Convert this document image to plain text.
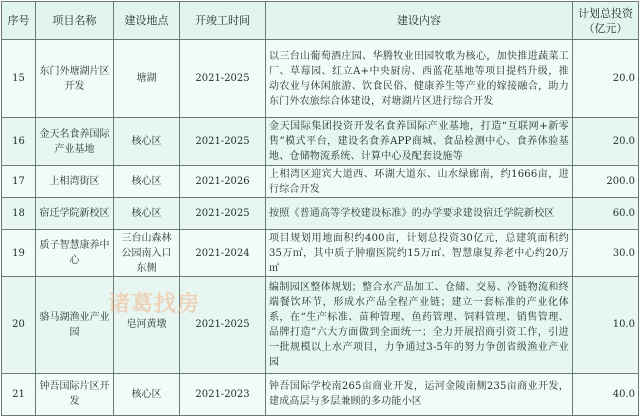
序号	项目名称	建设地点	开竣工时间	建设内容	计划总投资（亿元）
15	东门外塘湖片区开发	塘湖	2021-2025	以三台山葡萄酒庄园、华腾牧业田园牧歌为核心，加快推进蔬菜工厂、草莓园、红立A+中央厨房、西蓝花基地等项目提档升级，推动农业与休闲旅游、饮食民俗、健康养生等产业的嫁接融合，助力东门外农旅综合体建设，对塘湖片区进行综合开发	20.0
16	金天名食养国际产业基地	核心区	2021-2025	金天国际集团投资开发名食养国际产业基地，打造“互联网+新零售”模式平台，建设名食养APP商城、食品检测中心、食养体验基地、仓储物流系统、计算中心及配套设施等	20.0
17	上相湾街区	核心区	2021-2026	上相湾区迎宾大道西、环湖大道东、山水绿廊南，约1666亩，进行综合开发	200.0
18	宿迁学院新校区	核心区	2021-2025	按照《普通高等学校建设标准》的办学要求建设宿迁学院新校区	60.0
19	质子智慧康养中心	三台山森林公园南入口东侧	2021-2024	项目规划用地面积约400亩，计划总投资30亿元，总建筑面积约35万㎡，其中质子肿瘤医院约15万㎡、智慧康复养老中心约20万㎡	30.0
20	骆马湖渔业产业园	皂河黄墩	2021-2025	编制园区整体规划；整合水产品加工、仓储、交易、冷链物流和终端餐饮环节，形成水产品全程产业链；建立一套标准的产业化体系，在“生产标准、苗种管理、鱼药管理、饲料管理、销售管理、品牌打造”六大方面做到全面统一；全力开展招商引资工作，引进一批规模以上水产项目，力争通过3-5年的努力争创省级渔业产业园	10.0
21	钟吾国际片区开发	核心区	2021-2023	钟吾国际学校南265亩商业开发，运河金陵南侧235亩商业开发，建成高层与多层兼顾的多功能小区	40.0
诸葛找房
